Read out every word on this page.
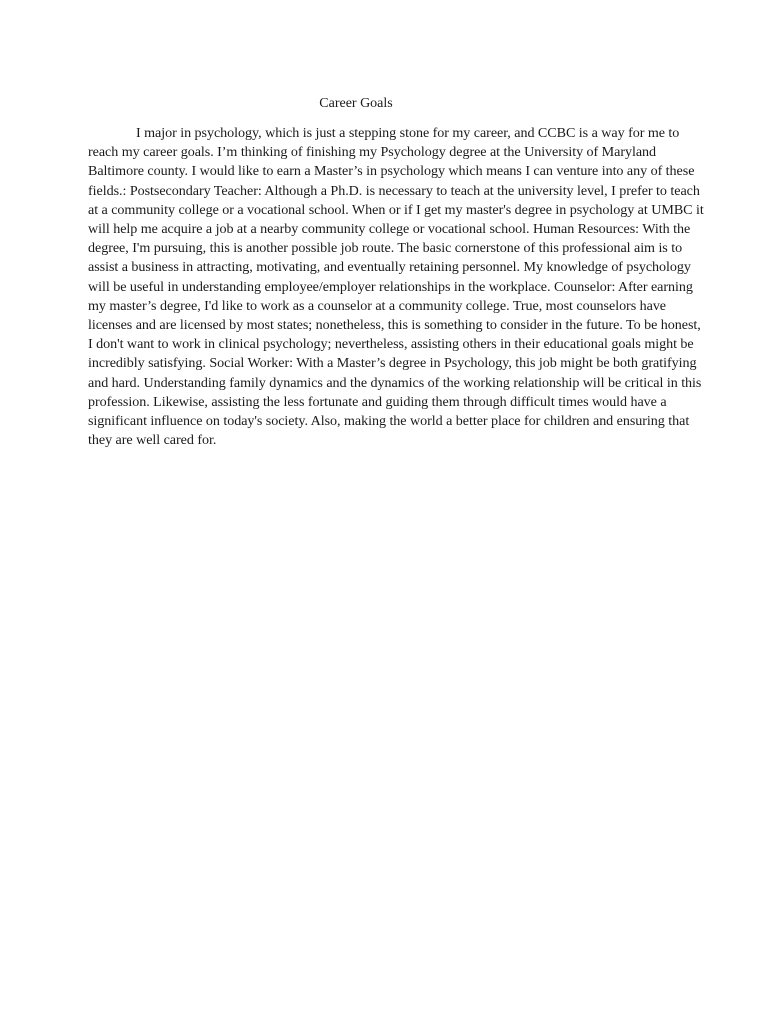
Career Goals

I major in psychology, which is just a stepping stone for my career, and CCBC is a way for me to reach my career goals. I’m thinking of finishing my Psychology degree at the University of Maryland Baltimore county. I would like to earn a Master’s in psychology which means I can venture into any of these fields.: Postsecondary Teacher: Although a Ph.D. is necessary to teach at the university level, I prefer to teach at a community college or a vocational school. When or if I get my master's degree in psychology at UMBC it will help me acquire a job at a nearby community college or vocational school. Human Resources: With the degree, I'm pursuing, this is another possible job route. The basic cornerstone of this professional aim is to assist a business in attracting, motivating, and eventually retaining personnel. My knowledge of psychology will be useful in understanding employee/employer relationships in the workplace. Counselor: After earning my master’s degree, I'd like to work as a counselor at a community college. True, most counselors have licenses and are licensed by most states; nonetheless, this is something to consider in the future. To be honest, I don't want to work in clinical psychology; nevertheless, assisting others in their educational goals might be incredibly satisfying. Social Worker: With a Master’s degree in Psychology, this job might be both gratifying and hard. Understanding family dynamics and the dynamics of the working relationship will be critical in this profession. Likewise, assisting the less fortunate and guiding them through difficult times would have a significant influence on today's society. Also, making the world a better place for children and ensuring that they are well cared for.
